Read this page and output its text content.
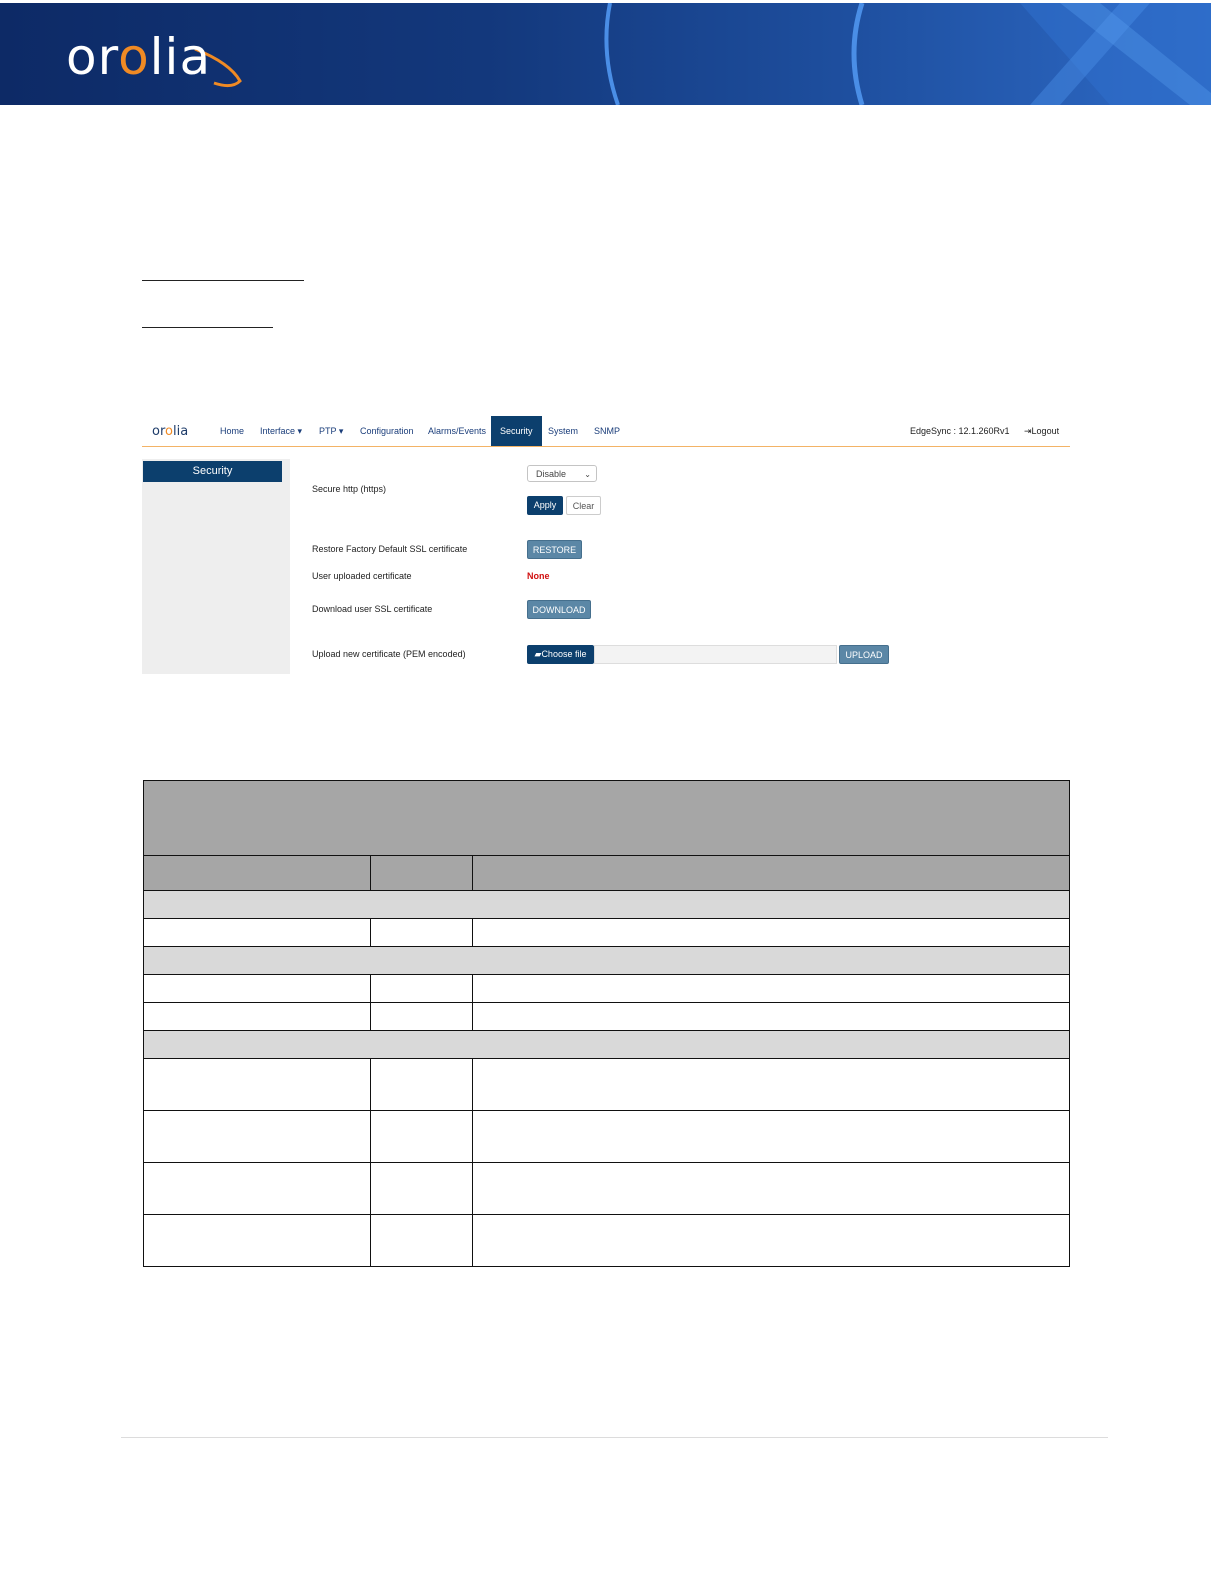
orolia
orolia	Home Interface ▾ PTP ▾ Configuration Alarms/Events	Security	System SNMP	EdgeSync : 12.1.260Rv1 ⇥Logout
Security
Secure http (https)
Disable ⌄
Apply	Clear
Restore Factory Default SSL certificate	RESTORE
User uploaded certificate	None
Download user SSL certificate	DOWNLOAD
Upload new certificate (PEM encoded)	▰Choose file	UPLOAD
